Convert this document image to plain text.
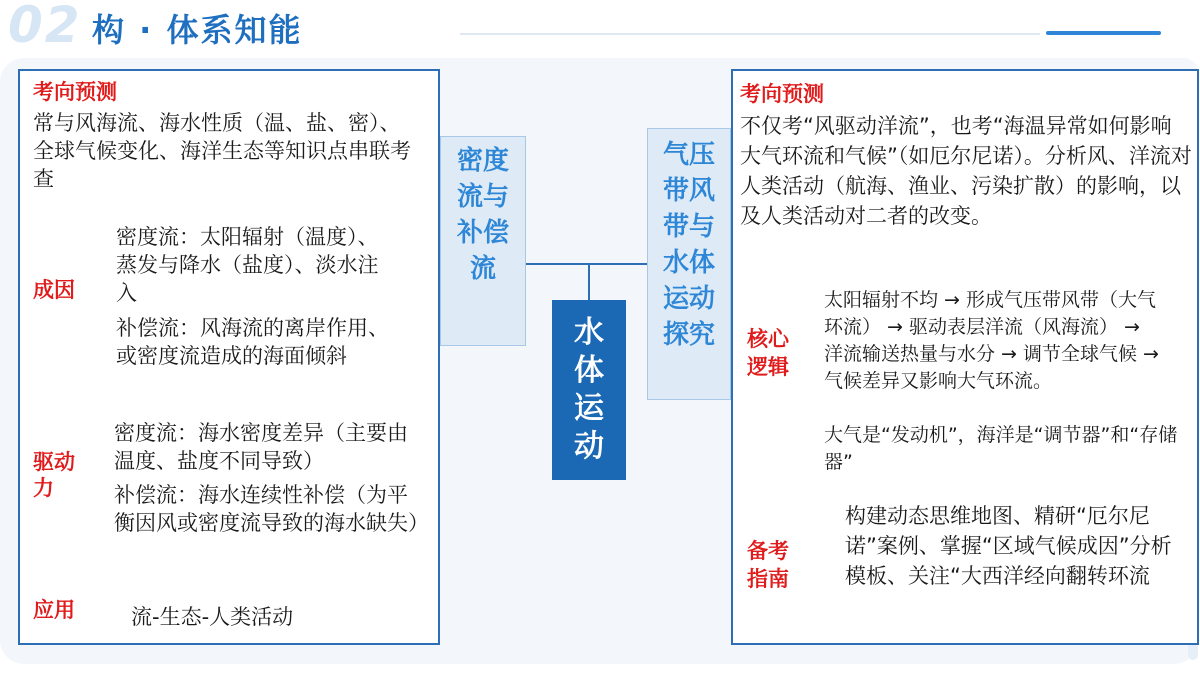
02 构 · 体系知能
考向预测
常与风海流、海水性质（温、盐、密）、全球气候变化、海洋生态等知识点串联考查
成因
密度流：太阳辐射（温度）、蒸发与降水（盐度）、淡水注入
补偿流：风海流的离岸作用、或密度流造成的海面倾斜
驱动力
密度流：海水密度差异（主要由温度、盐度不同导致）
补偿流：海水连续性补偿（为平衡因风或密度流导致的海水缺失）
应用	流-生态-人类活动
密度流与补偿流
水体运动
气压带风带与水体运动探究
考向预测
不仅考“风驱动洋流”，也考“海温异常如何影响大气环流和气候”（如厄尔尼诺）。分析风、洋流对人类活动（航海、渔业、污染扩散）的影响，以及人类活动对二者的改变。
核心逻辑
太阳辐射不均 → 形成气压带风带（大气环流） → 驱动表层洋流（风海流） → 洋流输送热量与水分 → 调节全球气候 → 气候差异又影响大气环流。
大气是“发动机”，海洋是“调节器”和“存储器”
备考指南
构建动态思维地图、精研“厄尔尼诺”案例、掌握“区域气候成因”分析模板、关注“大西洋经向翻转环流
